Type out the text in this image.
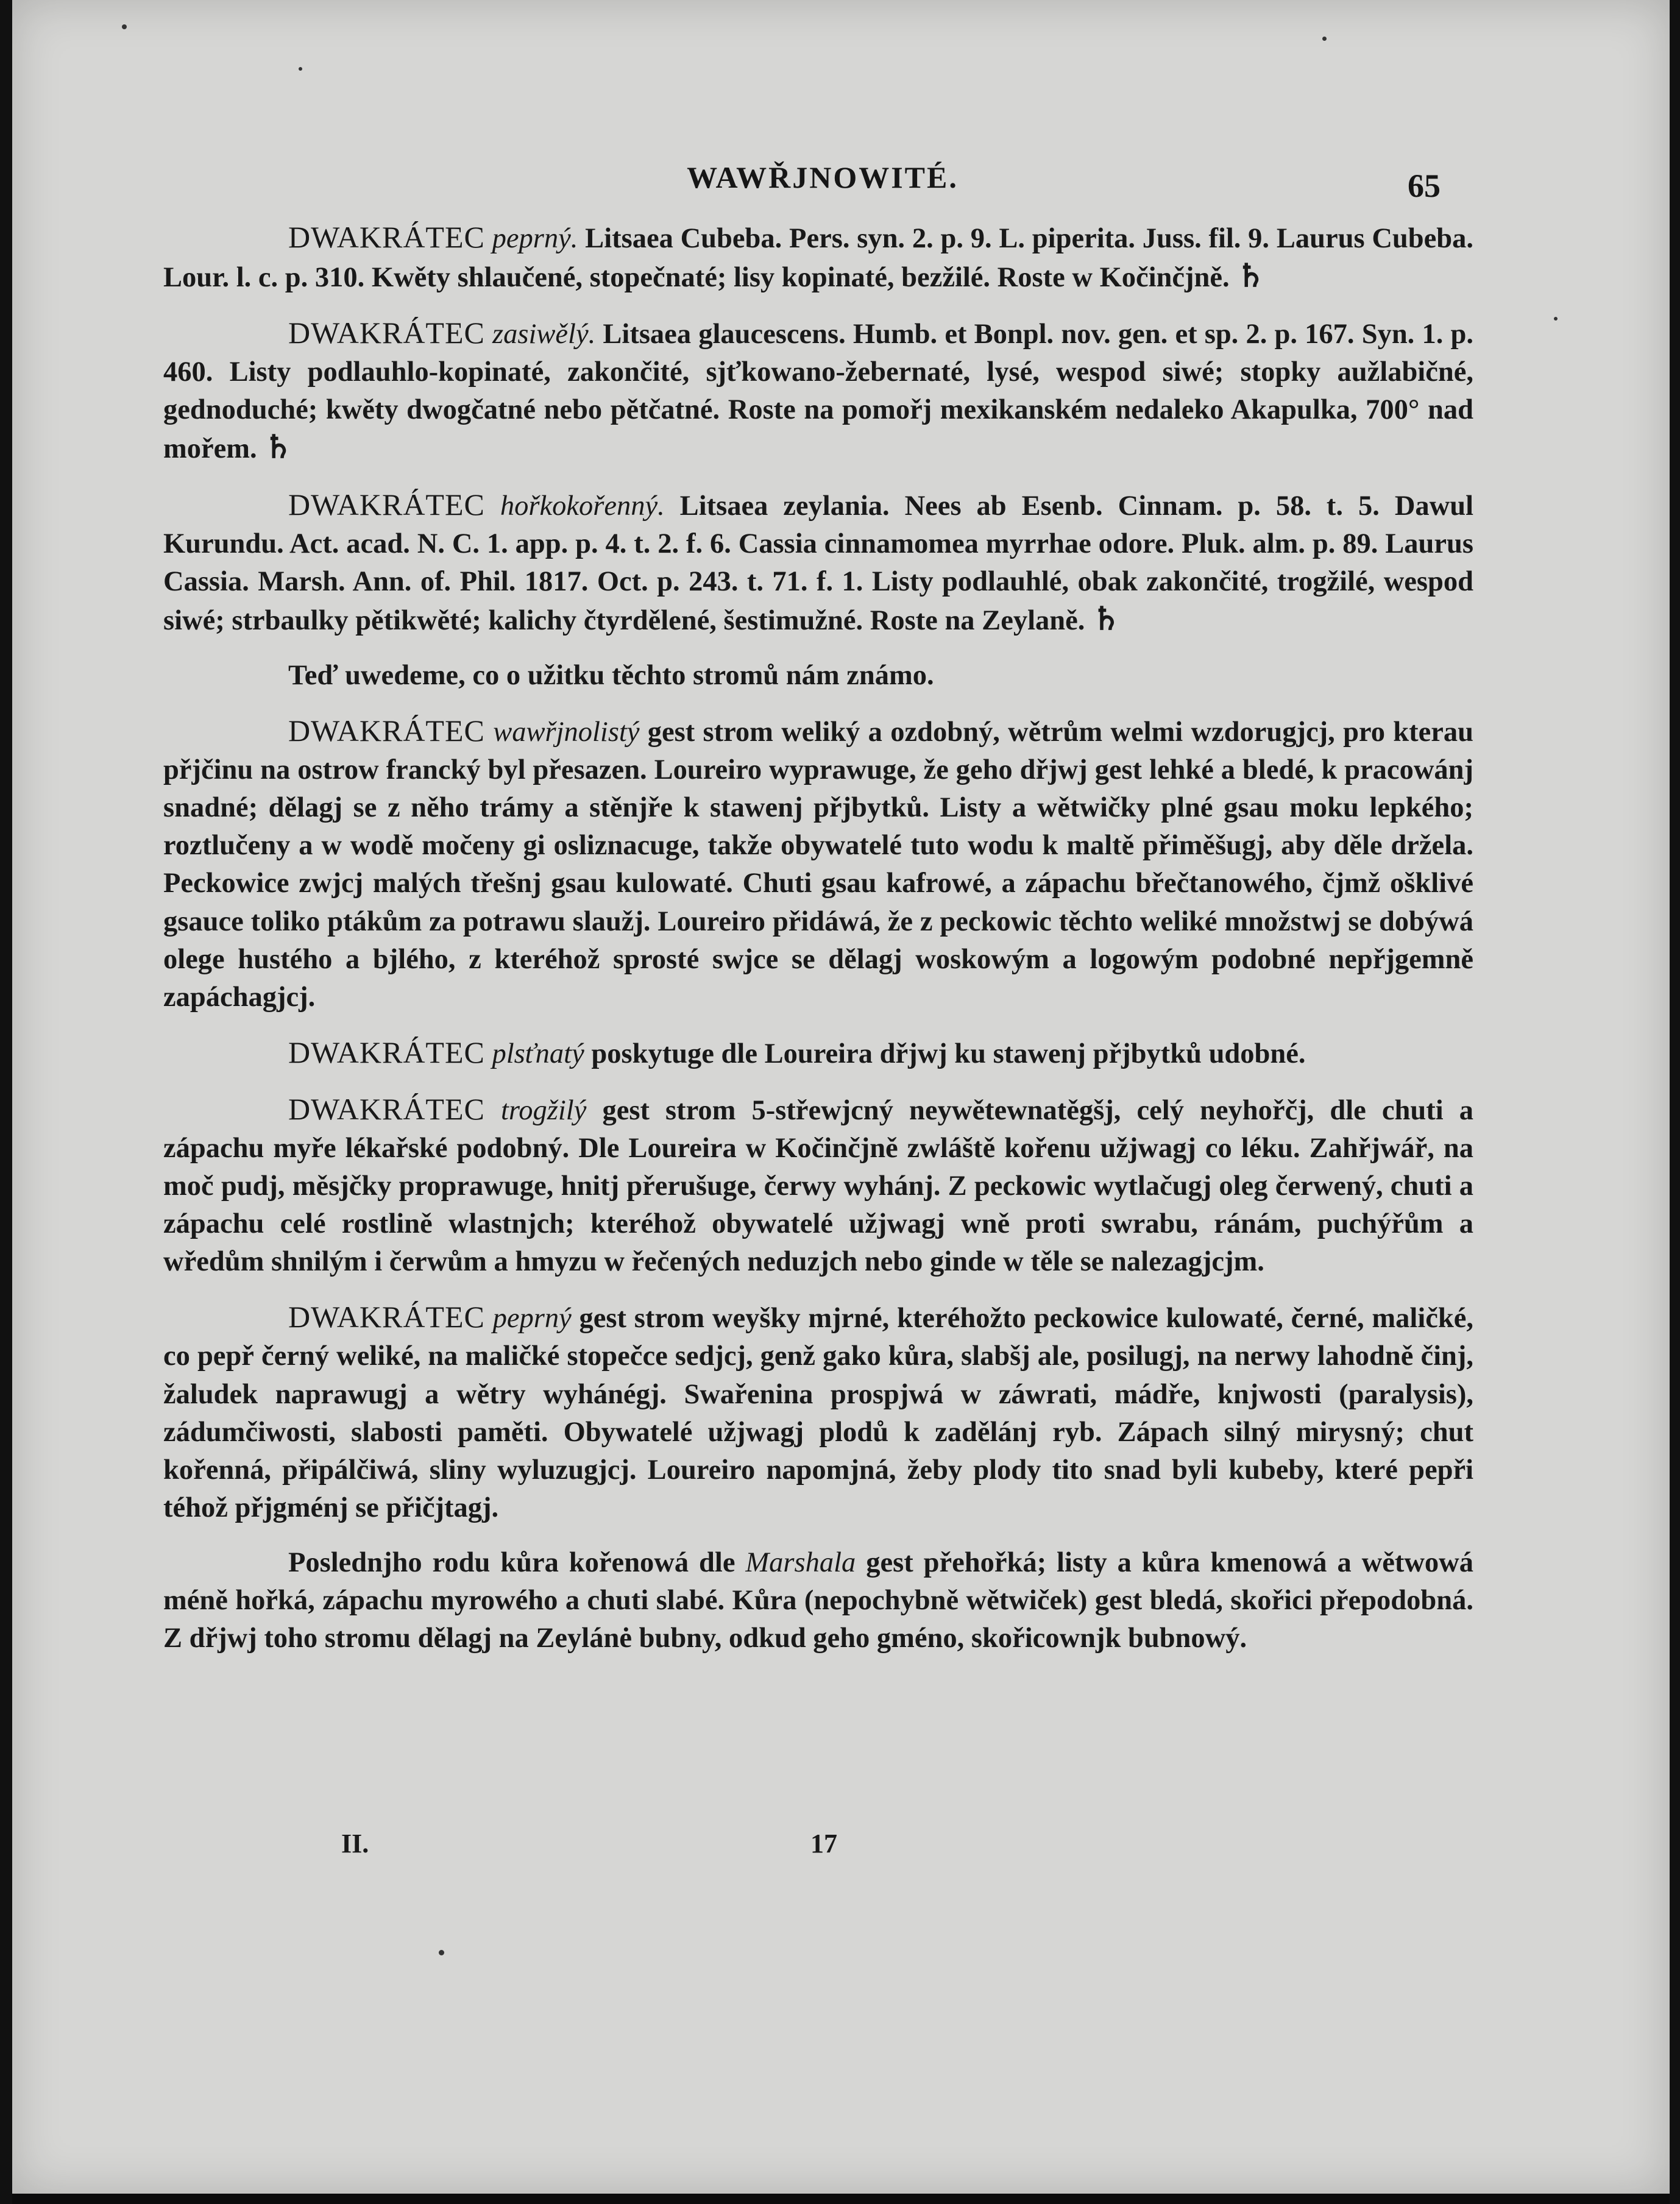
WAWŘJNOWITÉ.	65

DWAKRÁTEC peprný. Litsaea Cubeba. Pers. syn. 2. p. 9. L. piperita. Juss. fil. 9. Laurus Cubeba. Lour. l. c. p. 310. Kwěty shlaučené, stopečnaté; lisy kopinaté, bezžilé. Roste w Kočinčjně. ♄

DWAKRÁTEC zasiwělý. Litsaea glaucescens. Humb. et Bonpl. nov. gen. et sp. 2. p. 167. Syn. 1. p. 460. Listy podlauhlo-kopinaté, zakončité, sjťkowano-žebernaté, lysé, wespod siwé; stopky aužlabičné, gednoduché; kwěty dwogčatné nebo pětčatné. Roste na pomořj mexikanském nedaleko Akapulka, 700° nad mořem. ♄

DWAKRÁTEC hořkokořenný. Litsaea zeylania. Nees ab Esenb. Cinnam. p. 58. t. 5. Dawul Kurundu. Act. acad. N. C. 1. app. p. 4. t. 2. f. 6. Cassia cinnamomea myrrhae odore. Pluk. alm. p. 89. Laurus Cassia. Marsh. Ann. of. Phil. 1817. Oct. p. 243. t. 71. f. 1. Listy podlauhlé, obak zakončité, trogžilé, wespod siwé; strbaulky pětikwěté; kalichy čtyrdělené, šestimužné. Roste na Zeylaně. ♄

Teď uwedeme, co o užitku těchto stromů nám známo.

DWAKRÁTEC wawřjnolistý gest strom weliký a ozdobný, wětrům welmi wzdorugjcj, pro kterau přjčinu na ostrow francký byl přesazen. Loureiro wyprawuge, že geho dřjwj gest lehké a bledé, k pracowánj snadné; dělagj se z něho trámy a stěnjře k stawenj přjbytků. Listy a wětwičky plné gsau moku lepkého; roztlučeny a w wodě močeny gi osliznacuge, takže obywatelé tuto wodu k maltě přiměšugj, aby děle držela. Peckowice zwjcj malých třešnj gsau kulowaté. Chuti gsau kafrowé, a zápachu břečtanowého, čjmž ošklivé gsauce toliko ptákům za potrawu slaužj. Loureiro přidáwá, že z peckowic těchto weliké množstwj se dobýwá olege hustého a bjlého, z kteréhož sprosté swjce se dělagj woskowým a logowým podobné nepřjgemně zapáchagjcj.

DWAKRÁTEC plsťnatý poskytuge dle Loureira dřjwj ku stawenj přjbytků udobné.

DWAKRÁTEC trogžilý gest strom 5-střewjcný neywětewnatěgšj, celý neyhořčj, dle chuti a zápachu myře lékařské podobný. Dle Loureira w Kočinčjně zwláště kořenu užjwagj co léku. Zahřjwář, na moč pudj, měsjčky proprawuge, hnitj přerušuge, čerwy wyhánj. Z peckowic wytlačugj oleg čerwený, chuti a zápachu celé rostlině wlastnjch; kteréhož obywatelé užjwagj wně proti swrabu, ránám, puchýřům a wředům shnilým i čerwům a hmyzu w řečených neduzjch nebo ginde w těle se nalezagjcjm.

DWAKRÁTEC peprný gest strom weyšky mjrné, kteréhožto peckowice kulowaté, černé, maličké, co pepř černý weliké, na maličké stopečce sedjcj, genž gako kůra, slabšj ale, posilugj, na nerwy lahodně činj, žaludek naprawugj a wětry wyhánégj. Swařenina prospjwá w záwrati, mádře, knjwosti (paralysis), zádumčiwosti, slabosti paměti. Obywatelé užjwagj plodů k zadělánj ryb. Zápach silný mirysný; chut kořenná, připálčiwá, sliny wyluzugjcj. Loureiro napomjná, žeby plody tito snad byli kubeby, které pepři téhož přjgménj se přičjtagj.

Poslednjho rodu kůra kořenowá dle Marshala gest přehořká; listy a kůra kmenowá a wětwowá méně hořká, zápachu myrowého a chuti slabé. Kůra (nepochybně wětwiček) gest bledá, skořici přepodobná. Z dřjwj toho stromu dělagj na Zeylánė bubny, odkud geho gméno, skořicownjk bubnowý.

II.	17
